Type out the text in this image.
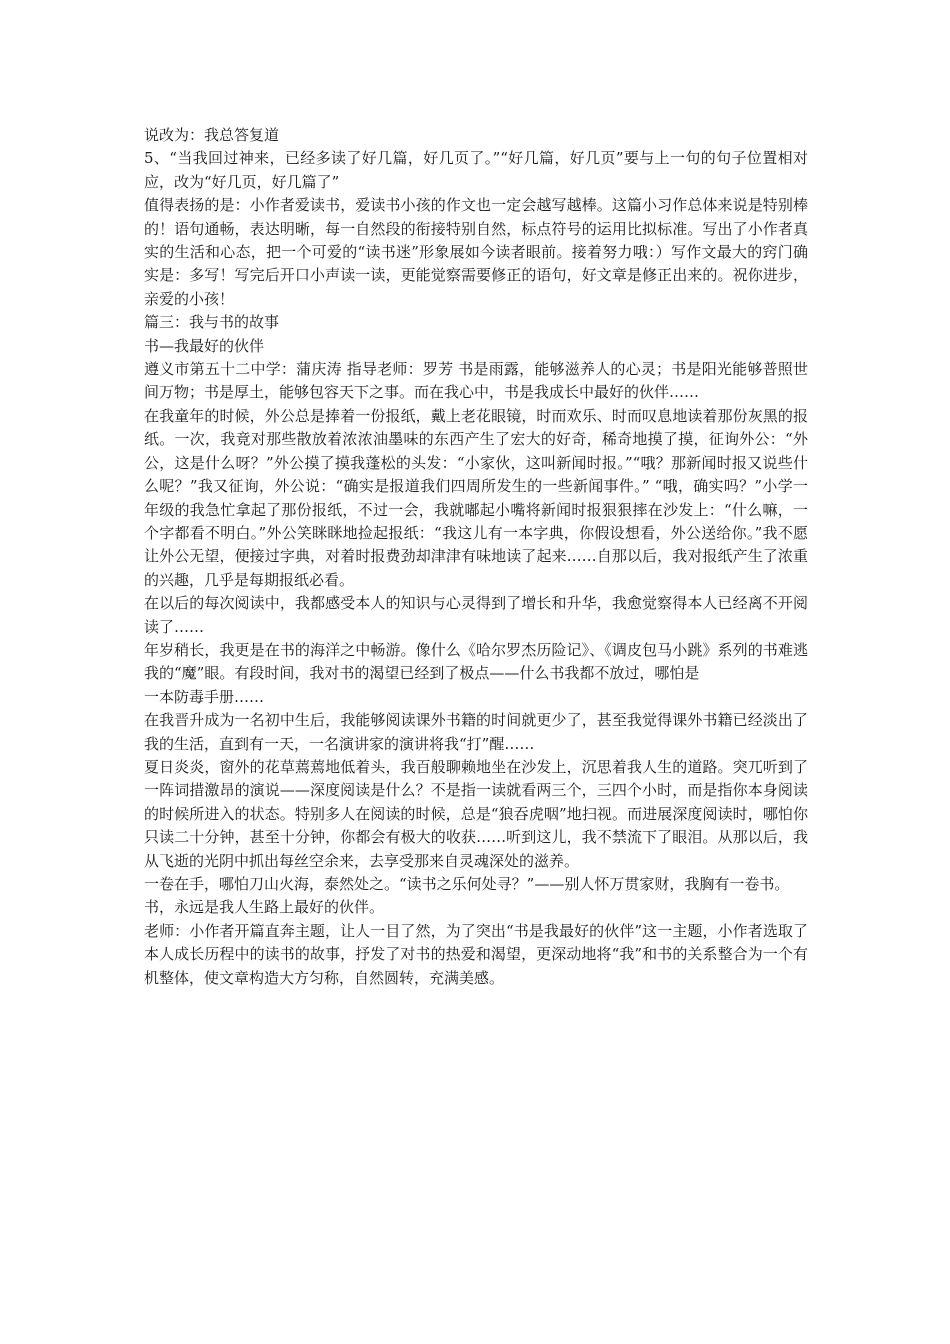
说改为：我总答复道

5、“当我回过神来，已经多读了好几篇，好几页了。”“好几篇，好几页”要与上一句的句子位置相对应，改为“好几页，好几篇了”

值得表扬的是：小作者爱读书，爱读书小孩的作文也一定会越写越棒。这篇小习作总体来说是特别棒的！语句通畅，表达明晰，每一自然段的衔接特别自然，标点符号的运用比拟标准。写出了小作者真实的生活和心态，把一个可爱的“读书迷”形象展如今读者眼前。接着努力哦：）写作文最大的窍门确实是：多写！写完后开口小声读一读，更能觉察需要修正的语句，好文章是修正出来的。祝你进步，亲爱的小孩！

篇三：我与书的故事

书—我最好的伙伴

遵义市第五十二中学：蒲庆涛 指导老师：罗芳 书是雨露，能够滋养人的心灵；书是阳光能够普照世间万物；书是厚土，能够包容天下之事。而在我心中，书是我成长中最好的伙伴……

在我童年的时候，外公总是捧着一份报纸，戴上老花眼镜，时而欢乐、时而叹息地读着那份灰黑的报纸。一次，我竟对那些散放着浓浓油墨味的东西产生了宏大的好奇，稀奇地摸了摸，征询外公：“外公，这是什么呀？”外公摸了摸我蓬松的头发：“小家伙，这叫新闻时报。”“哦？那新闻时报又说些什么呢？”我又征询，外公说：“确实是报道我们四周所发生的一些新闻事件。” “哦，确实吗？”小学一年级的我急忙拿起了那份报纸，不过一会，我就嘟起小嘴将新闻时报狠狠摔在沙发上：“什么嘛，一个字都看不明白。”外公笑眯眯地捡起报纸：“我这儿有一本字典，你假设想看，外公送给你。”我不愿让外公无望，便接过字典，对着时报费劲却津津有味地读了起来……自那以后，我对报纸产生了浓重的兴趣，几乎是每期报纸必看。

在以后的每次阅读中，我都感受本人的知识与心灵得到了增长和升华，我愈觉察得本人已经离不开阅读了……

年岁稍长，我更是在书的海洋之中畅游。像什么《哈尔罗杰历险记》、《调皮包马小跳》系列的书难逃我的“魔”眼。有段时间，我对书的渴望已经到了极点——什么书我都不放过，哪怕是

一本防毒手册……

在我晋升成为一名初中生后，我能够阅读课外书籍的时间就更少了，甚至我觉得课外书籍已经淡出了我的生活，直到有一天，一名演讲家的演讲将我“打”醒……

夏日炎炎，窗外的花草蔫蔫地低着头，我百般聊赖地坐在沙发上，沉思着我人生的道路。突兀听到了一阵词措激昂的演说——深度阅读是什么？不是指一读就看两三个，三四个小时，而是指你本身阅读的时候所进入的状态。特别多人在阅读的时候，总是“狼吞虎咽”地扫视。而进展深度阅读时，哪怕你只读二十分钟，甚至十分钟，你都会有极大的收获……听到这儿，我不禁流下了眼泪。从那以后，我从飞逝的光阴中抓出每丝空余来，去享受那来自灵魂深处的滋养。

一卷在手，哪怕刀山火海，泰然处之。“读书之乐何处寻？”——别人怀万贯家财，我胸有一卷书。

书，永远是我人生路上最好的伙伴。

老师：小作者开篇直奔主题，让人一目了然，为了突出“书是我最好的伙伴”这一主题，小作者选取了本人成长历程中的读书的故事，抒发了对书的热爱和渴望，更深动地将“我”和书的关系整合为一个有机整体，使文章构造大方匀称，自然圆转，充满美感。
